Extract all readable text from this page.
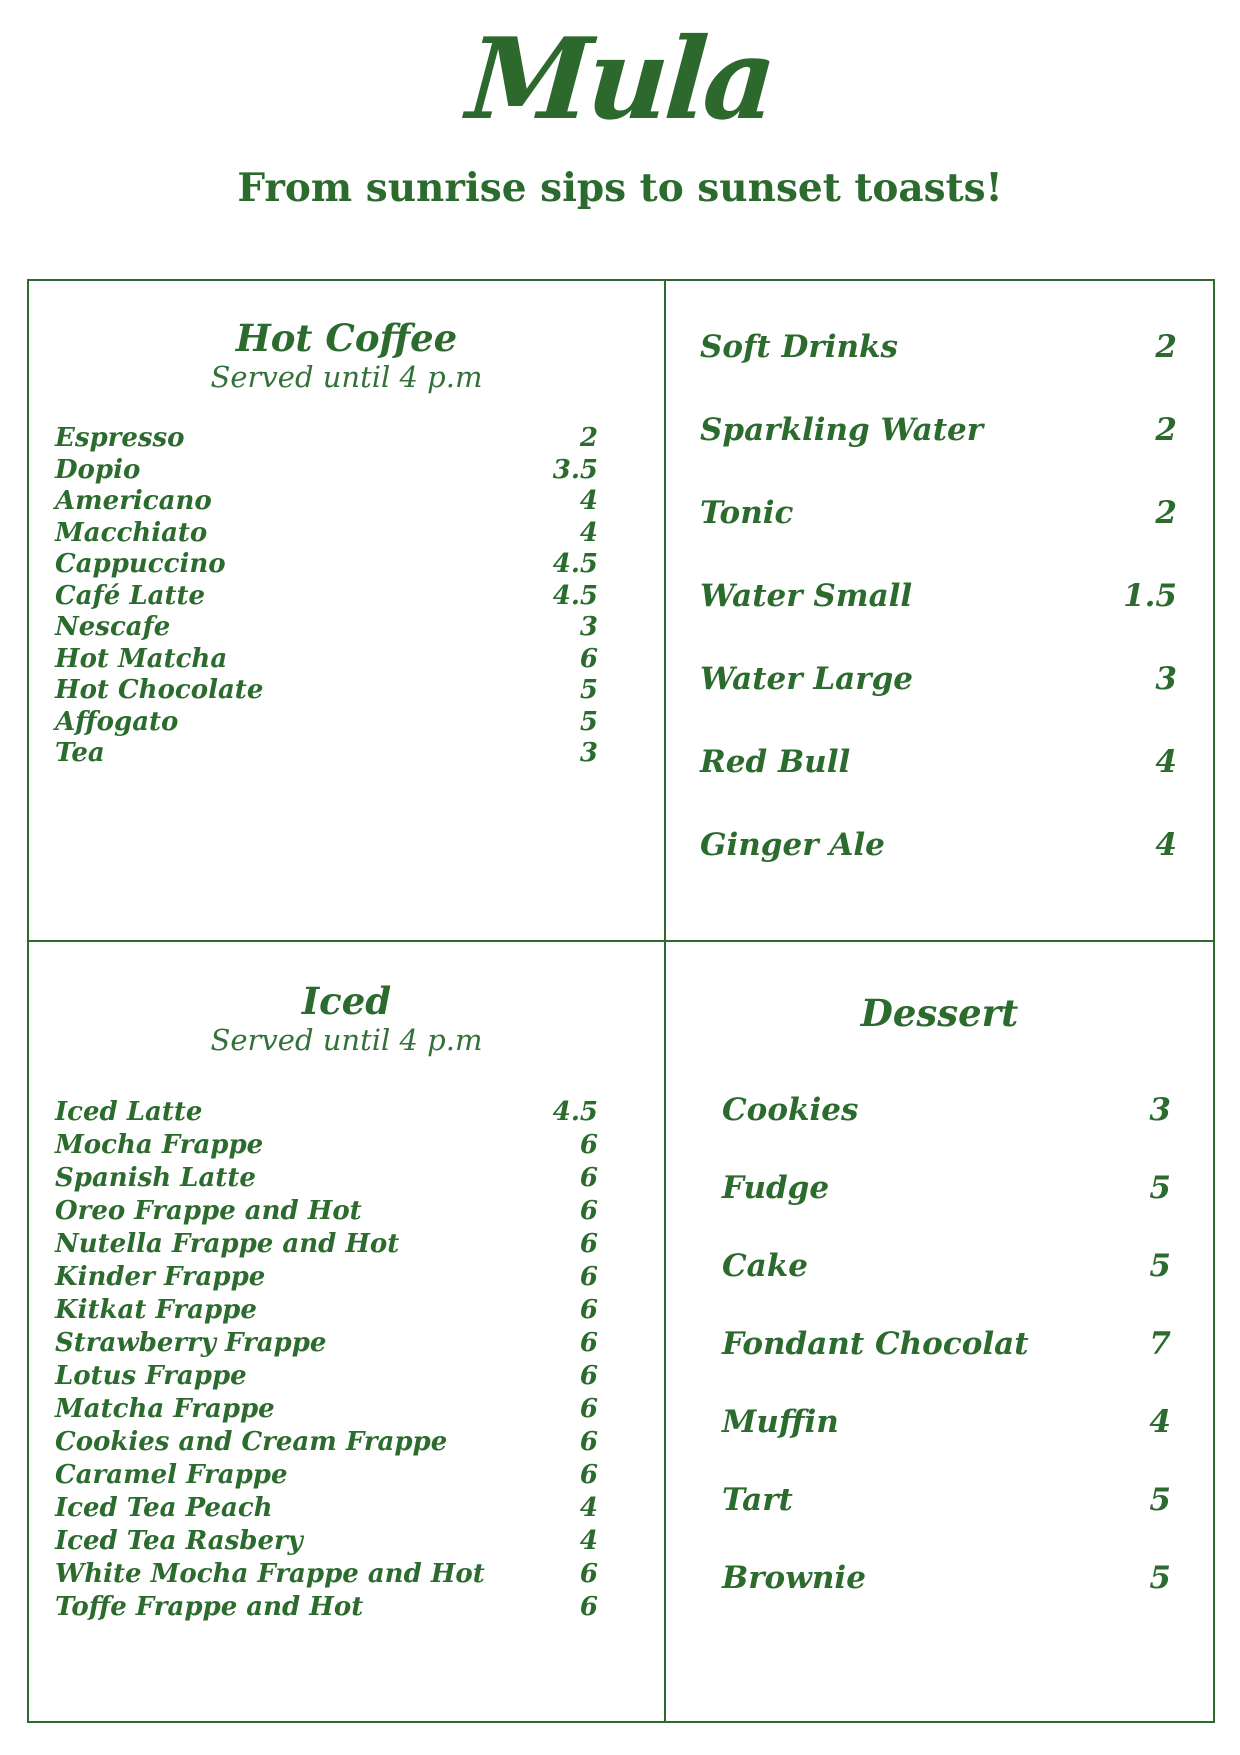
Mula
From sunrise sips to sunset toasts!
Hot Coffee
Served until 4 p.m
Espresso	2
Dopio	3.5
Americano	4
Macchiato	4
Cappuccino	4.5
Café Latte	4.5
Nescafe	3
Hot Matcha	6
Hot Chocolate	5
Affogato	5
Tea	3
Soft Drinks	2
Sparkling Water	2
Tonic	2
Water Small	1.5
Water Large	3
Red Bull	4
Ginger Ale	4
Iced
Served until 4 p.m
Iced Latte	4.5
Mocha Frappe	6
Spanish Latte	6
Oreo Frappe and Hot	6
Nutella Frappe and Hot	6
Kinder Frappe	6
Kitkat Frappe	6
Strawberry Frappe	6
Lotus Frappe	6
Matcha Frappe	6
Cookies and Cream Frappe	6
Caramel Frappe	6
Iced Tea Peach	4
Iced Tea Rasbery	4
White Mocha Frappe and Hot	6
Toffe Frappe and Hot	6
Dessert
Cookies	3
Fudge	5
Cake	5
Fondant Chocolat	7
Muffin	4
Tart	5
Brownie	5
